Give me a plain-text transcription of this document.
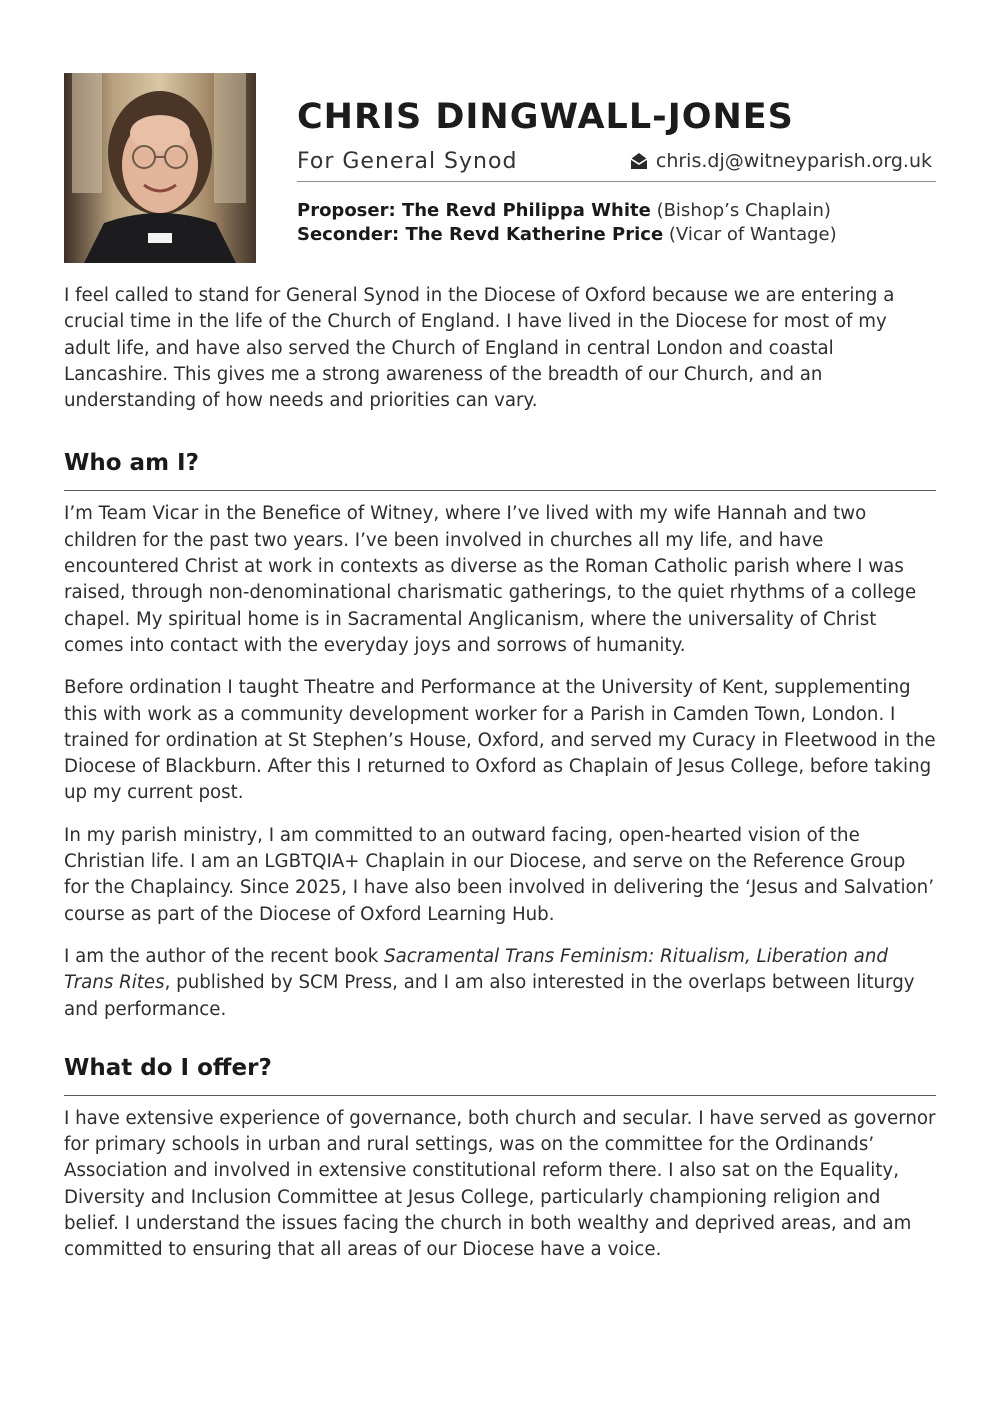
CHRIS DINGWALL-JONES
For General Synod	chris.dj@witneyparish.org.uk
Proposer: The Revd Philippa White (Bishop’s Chaplain)
Seconder: The Revd Katherine Price (Vicar of Wantage)

I feel called to stand for General Synod in the Diocese of Oxford because we are entering a crucial time in the life of the Church of England. I have lived in the Diocese for most of my adult life, and have also served the Church of England in central London and coastal Lancashire. This gives me a strong awareness of the breadth of our Church, and an understanding of how needs and priorities can vary.

Who am I?

I’m Team Vicar in the Benefice of Witney, where I’ve lived with my wife Hannah and two children for the past two years. I’ve been involved in churches all my life, and have encountered Christ at work in contexts as diverse as the Roman Catholic parish where I was raised, through non-denominational charismatic gatherings, to the quiet rhythms of a college chapel. My spiritual home is in Sacramental Anglicanism, where the universality of Christ comes into contact with the everyday joys and sorrows of humanity.

Before ordination I taught Theatre and Performance at the University of Kent, supplementing this with work as a community development worker for a Parish in Camden Town, London. I trained for ordination at St Stephen’s House, Oxford, and served my Curacy in Fleetwood in the Diocese of Blackburn. After this I returned to Oxford as Chaplain of Jesus College, before taking up my current post.

In my parish ministry, I am committed to an outward facing, open-hearted vision of the Christian life. I am an LGBTQIA+ Chaplain in our Diocese, and serve on the Reference Group for the Chaplaincy. Since 2025, I have also been involved in delivering the ‘Jesus and Salvation’ course as part of the Diocese of Oxford Learning Hub.

I am the author of the recent book Sacramental Trans Feminism: Ritualism, Liberation and Trans Rites, published by SCM Press, and I am also interested in the overlaps between liturgy and performance.

What do I offer?

I have extensive experience of governance, both church and secular. I have served as governor for primary schools in urban and rural settings, was on the committee for the Ordinands’ Association and involved in extensive constitutional reform there. I also sat on the Equality, Diversity and Inclusion Committee at Jesus College, particularly championing religion and belief. I understand the issues facing the church in both wealthy and deprived areas, and am committed to ensuring that all areas of our Diocese have a voice.
